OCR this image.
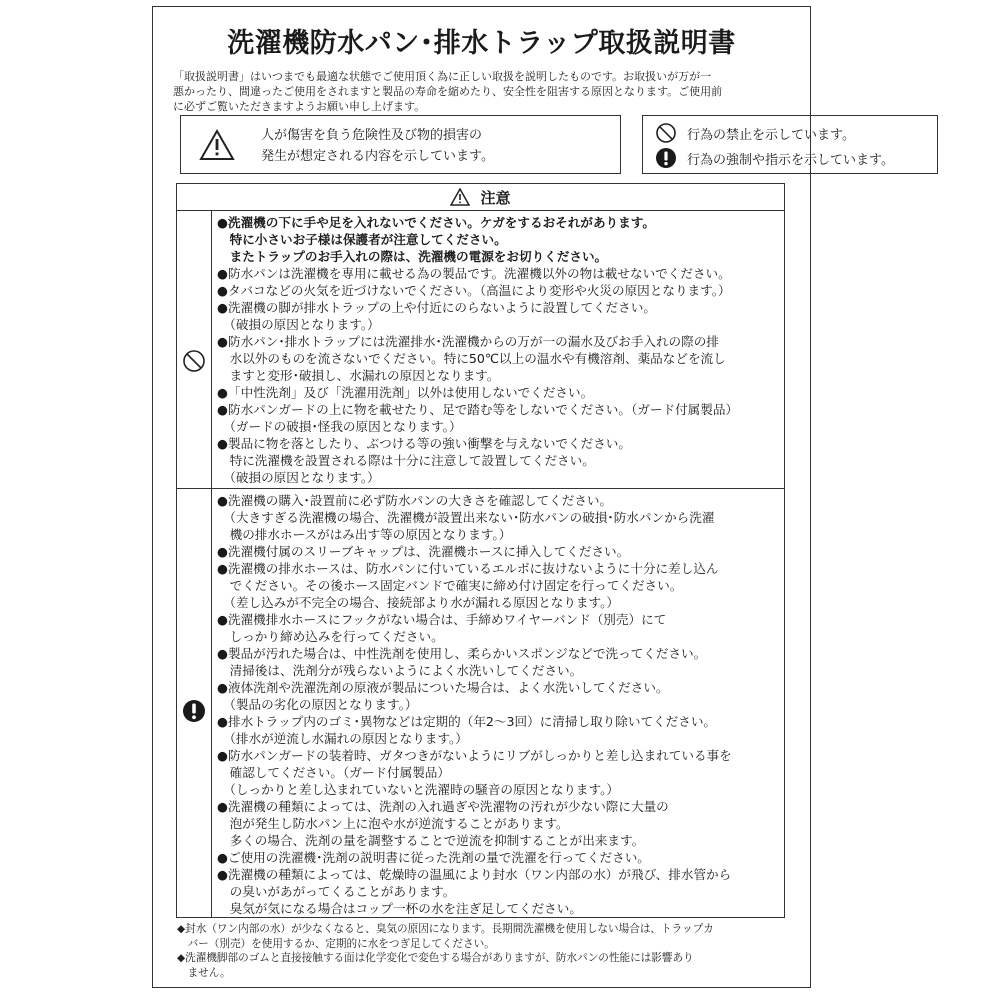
洗濯機防水パン･排水トラップ取扱説明書
「取扱説明書」はいつまでも最適な状態でご使用頂く為に正しい取扱を説明したものです。お取扱いが万が一
悪かったり、間違ったご使用をされますと製品の寿命を縮めたり、安全性を阻害する原因となります。ご使用前
に必ずご覧いただきますようお願い申し上げます。
人が傷害を負う危険性及び物的損害の
発生が想定される内容を示しています。
行為の禁止を示しています。
行為の強制や指示を示しています。
注意
●洗濯機の下に手や足を入れないでください。ケガをするおそれがあります。
　特に小さいお子様は保護者が注意してください。
　またトラップのお手入れの際は、洗濯機の電源をお切りください。
●防水パンは洗濯機を専用に載せる為の製品です。洗濯機以外の物は載せないでください。
●タバコなどの火気を近づけないでください。（高温により変形や火災の原因となります。）
●洗濯機の脚が排水トラップの上や付近にのらないように設置してください。
　（破損の原因となります。）
●防水パン･排水トラップには洗濯排水･洗濯機からの万が一の漏水及びお手入れの際の排
　水以外のものを流さないでください。特に50℃以上の温水や有機溶剤、薬品などを流し
　ますと変形･破損し、水漏れの原因となります。
●「中性洗剤」及び「洗濯用洗剤」以外は使用しないでください。
●防水パンガードの上に物を載せたり、足で踏む等をしないでください。（ガード付属製品）
　（ガードの破損･怪我の原因となります。）
●製品に物を落としたり、ぶつける等の強い衝撃を与えないでください。
　特に洗濯機を設置される際は十分に注意して設置してください。
　（破損の原因となります。）
●洗濯機の購入･設置前に必ず防水パンの大きさを確認してください。
　（大きすぎる洗濯機の場合、洗濯機が設置出来ない･防水パンの破損･防水パンから洗濯
　機の排水ホースがはみ出す等の原因となります。）
●洗濯機付属のスリーブキャップは、洗濯機ホースに挿入してください。
●洗濯機の排水ホースは、防水パンに付いているエルボに抜けないように十分に差し込ん
　でください。その後ホース固定バンドで確実に締め付け固定を行ってください。
　（差し込みが不完全の場合、接続部より水が漏れる原因となります。）
●洗濯機排水ホースにフックがない場合は、手締めワイヤーバンド（別売）にて
　しっかり締め込みを行ってください。
●製品が汚れた場合は、中性洗剤を使用し、柔らかいスポンジなどで洗ってください。
　清掃後は、洗剤分が残らないようによく水洗いしてください。
●液体洗剤や洗濯洗剤の原液が製品についた場合は、よく水洗いしてください。
　（製品の劣化の原因となります。）
●排水トラップ内のゴミ･異物などは定期的（年2～3回）に清掃し取り除いてください。
　（排水が逆流し水漏れの原因となります。）
●防水パンガードの装着時、ガタつきがないようにリブがしっかりと差し込まれている事を
　確認してください。（ガード付属製品）
　（しっかりと差し込まれていないと洗濯時の騒音の原因となります。）
●洗濯機の種類によっては、洗剤の入れ過ぎや洗濯物の汚れが少ない際に大量の
　泡が発生し防水パン上に泡や水が逆流することがあります。
　多くの場合、洗剤の量を調整することで逆流を抑制することが出来ます。
●ご使用の洗濯機･洗剤の説明書に従った洗剤の量で洗濯を行ってください。
●洗濯機の種類によっては、乾燥時の温風により封水（ワン内部の水）が飛び、排水管から
　の臭いがあがってくることがあります。
　臭気が気になる場合はコップ一杯の水を注ぎ足してください。
◆封水（ワン内部の水）が少なくなると、臭気の原因になります。長期間洗濯機を使用しない場合は、トラップカ
　バー（別売）を使用するか、定期的に水をつぎ足してください。
◆洗濯機脚部のゴムと直接接触する面は化学変化で変色する場合がありますが、防水パンの性能には影響あり
　ません。
